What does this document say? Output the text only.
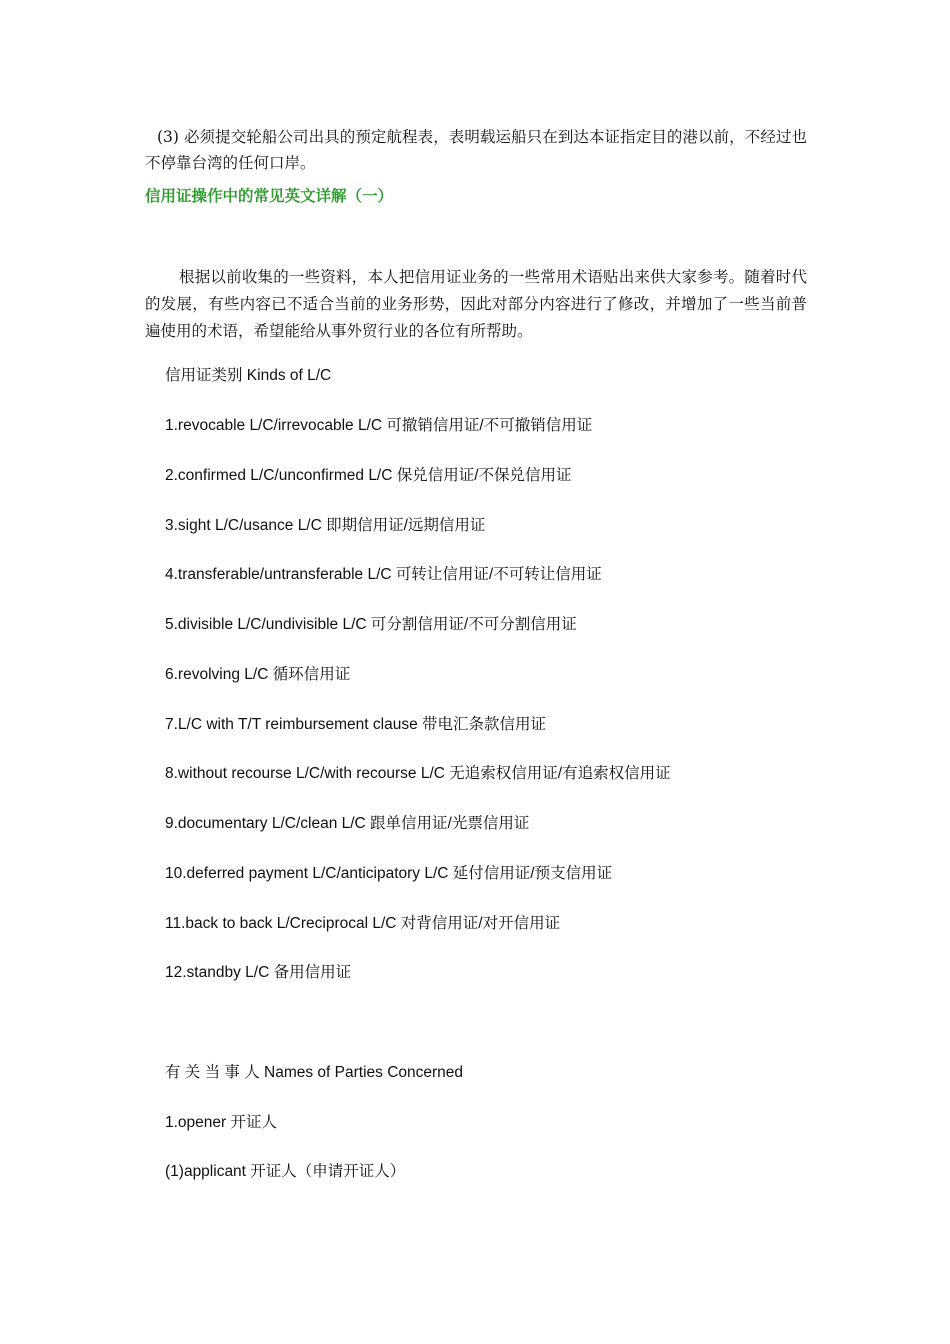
(3) 必须提交轮船公司出具的预定航程表，表明载运船只在到达本证指定目的港以前，不经过也不停靠台湾的任何口岸。

信用证操作中的常见英文详解（一）

根据以前收集的一些资料，本人把信用证业务的一些常用术语贴出来供大家参考。随着时代的发展，有些内容已不适合当前的业务形势，因此对部分内容进行了修改，并增加了一些当前普遍使用的术语，希望能给从事外贸行业的各位有所帮助。

信用证类别 Kinds of L/C
1.revocable L/C/irrevocable L/C 可撤销信用证/不可撤销信用证
2.confirmed L/C/unconfirmed L/C 保兑信用证/不保兑信用证
3.sight L/C/usance L/C 即期信用证/远期信用证
4.transferable/untransferable L/C 可转让信用证/不可转让信用证
5.divisible L/C/undivisible L/C 可分割信用证/不可分割信用证
6.revolving L/C 循环信用证
7.L/C with T/T reimbursement clause 带电汇条款信用证
8.without recourse L/C/with recourse L/C 无追索权信用证/有追索权信用证
9.documentary L/C/clean L/C 跟单信用证/光票信用证
10.deferred payment L/C/anticipatory L/C 延付信用证/预支信用证
11.back to back L/Creciprocal L/C 对背信用证/对开信用证
12.standby L/C 备用信用证
有 关 当 事 人 Names of Parties Concerned
1.opener 开证人
(1)applicant 开证人（申请开证人）
